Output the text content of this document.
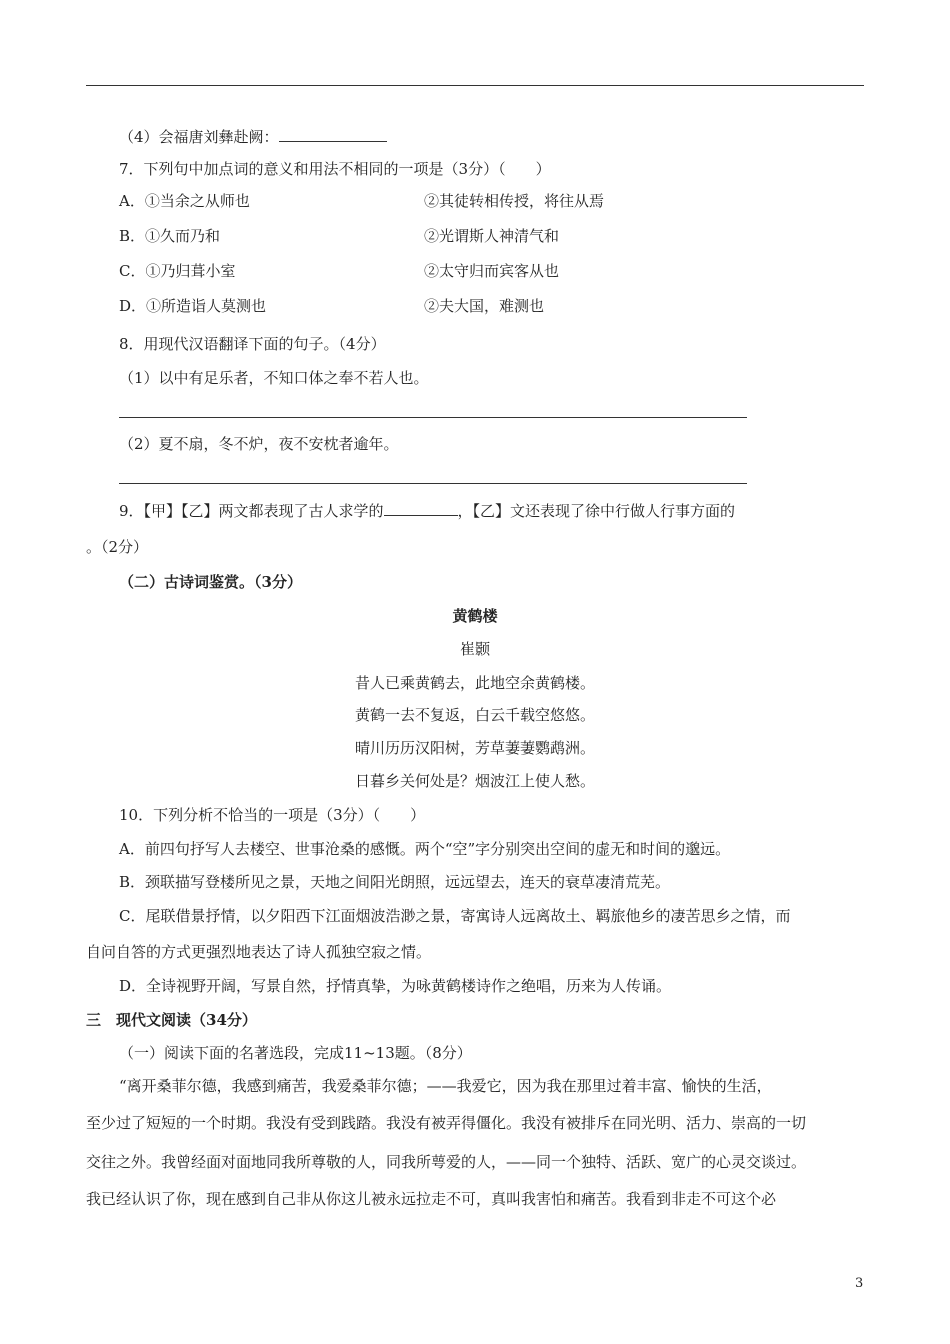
（4）会福唐刘彝赴阙：
7．下列句中加点词的意义和用法不相同的一项是（3分）（　　）
A．①当余之从师也	②其徒转相传授，将往从焉
B．①久而乃和	②光谓斯人神清气和
C．①乃归葺小室	②太守归而宾客从也
D．①所造诣人莫测也	②夫大国，难测也
8．用现代汉语翻译下面的句子。（4分）
（1）以中有足乐者，不知口体之奉不若人也。
（2）夏不扇，冬不炉，夜不安枕者逾年。
9．【甲】【乙】两文都表现了古人求学的	，【乙】文还表现了徐中行做人行事方面的
。（2分）
（二）古诗词鉴赏。（3分）
黄鹤楼
崔颢
昔人已乘黄鹤去，此地空余黄鹤楼。
黄鹤一去不复返，白云千载空悠悠。
晴川历历汉阳树，芳草萋萋鹦鹉洲。
日暮乡关何处是？烟波江上使人愁。
10．下列分析不恰当的一项是（3分）（　　）
A．前四句抒写人去楼空、世事沧桑的感慨。两个“空”字分别突出空间的虚无和时间的邈远。
B．颈联描写登楼所见之景，天地之间阳光朗照，远远望去，连天的衰草凄清荒芜。
C．尾联借景抒情，以夕阳西下江面烟波浩渺之景，寄寓诗人远离故土、羁旅他乡的凄苦思乡之情，而
自问自答的方式更强烈地表达了诗人孤独空寂之情。
D．全诗视野开阔，写景自然，抒情真挚，为咏黄鹤楼诗作之绝唱，历来为人传诵。
三　现代文阅读（34分）
（一）阅读下面的名著选段，完成11~13题。（8分）
“离开桑菲尔德，我感到痛苦，我爱桑菲尔德；——我爱它，因为我在那里过着丰富、愉快的生活，
至少过了短短的一个时期。我没有受到践踏。我没有被弄得僵化。我没有被排斥在同光明、活力、崇高的一切
交往之外。我曾经面对面地同我所尊敬的人，同我所萼爱的人，——同一个独特、活跃、宽广的心灵交谈过。
我已经认识了你，现在感到自己非从你这儿被永远拉走不可，真叫我害怕和痛苦。我看到非走不可这个必
3
